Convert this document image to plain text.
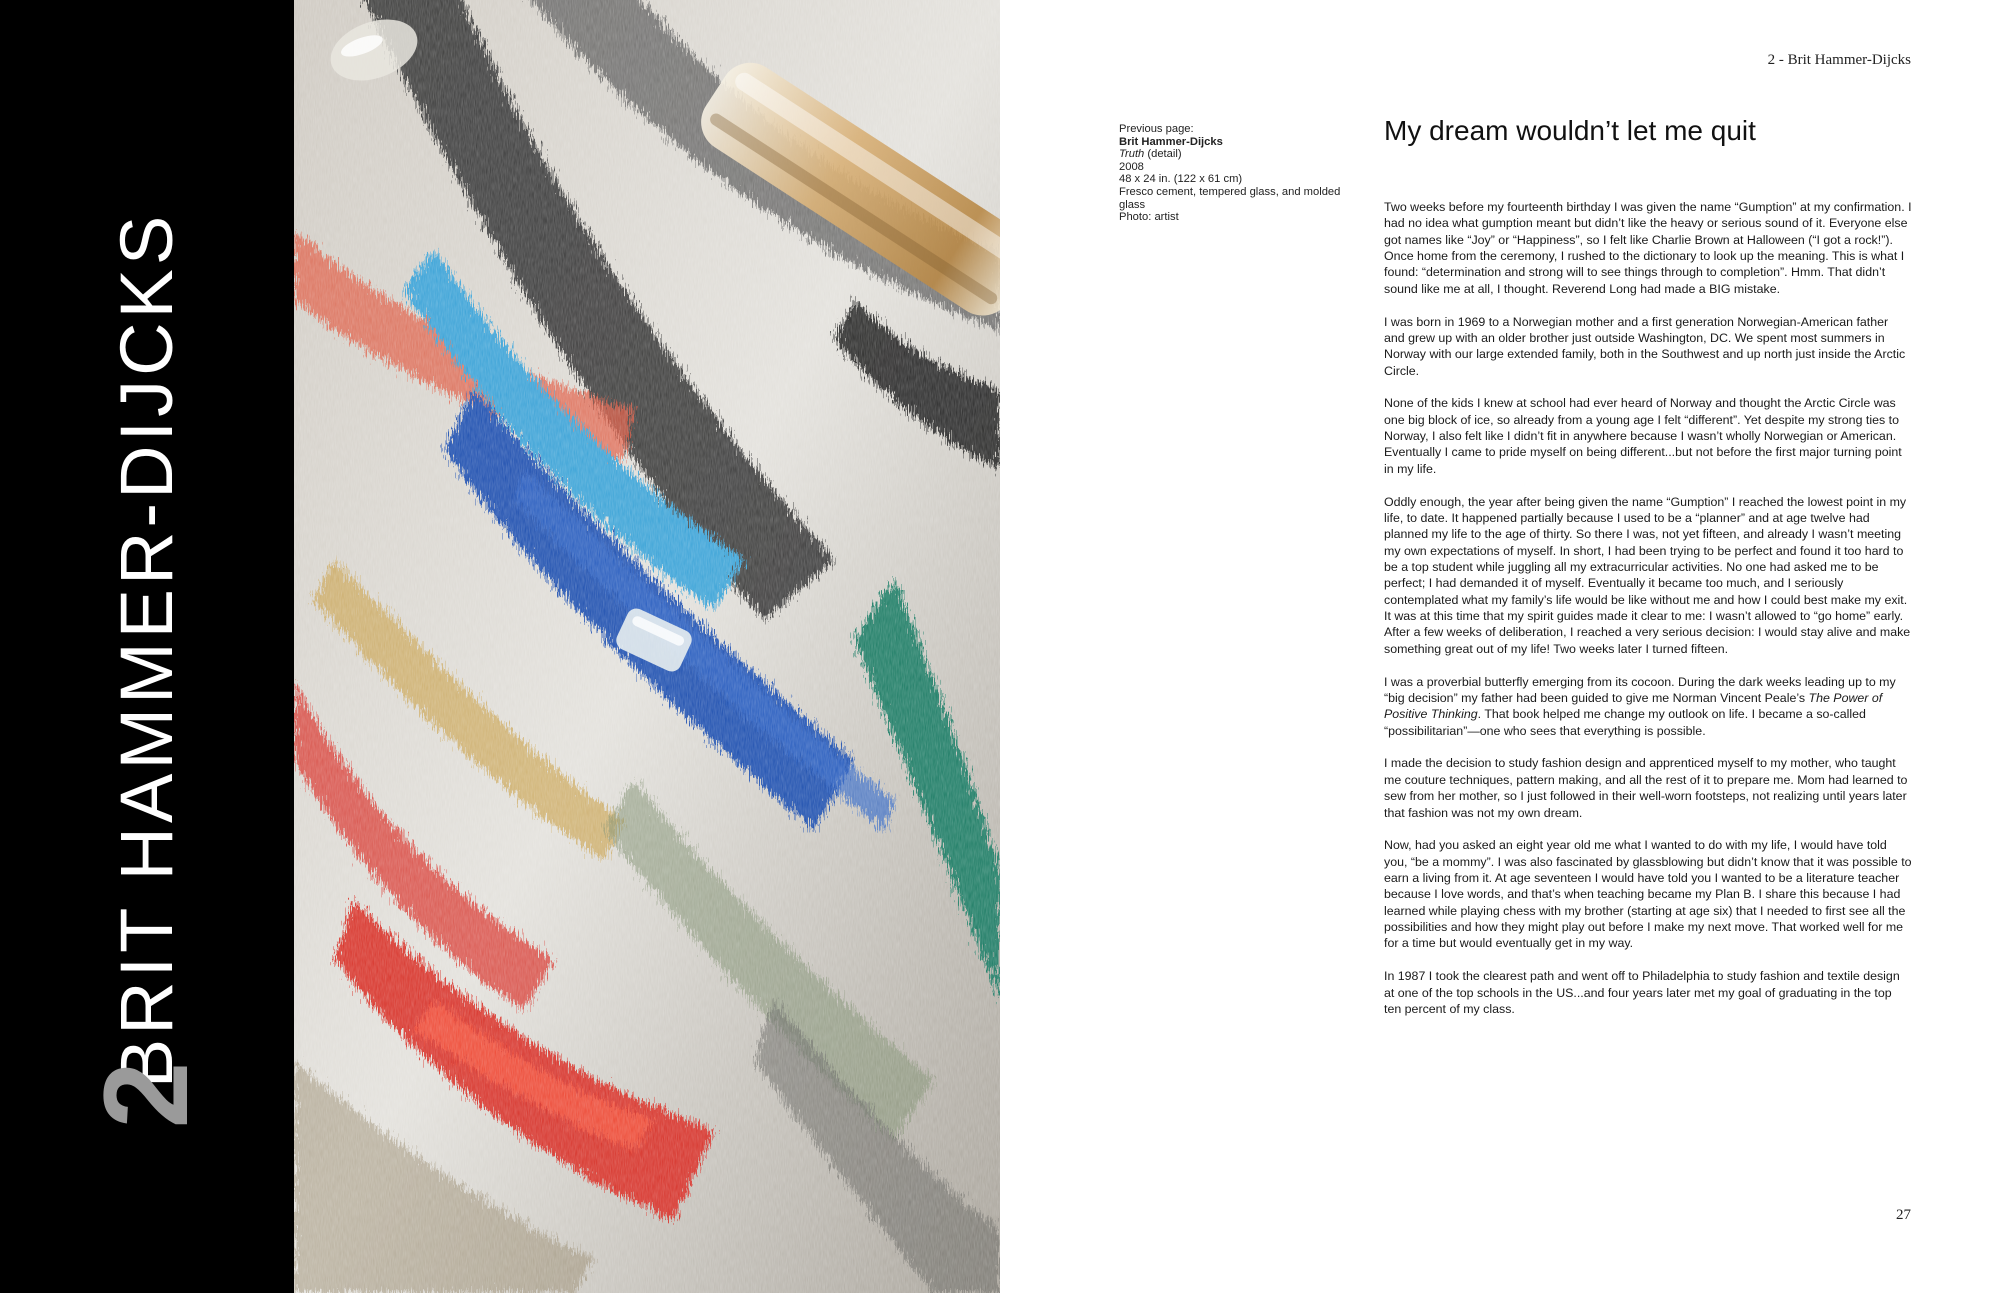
BRIT HAMMER-DIJCKS
2
2 - Brit Hammer-Dijcks
Previous page:
Brit Hammer-Dijcks
Truth (detail)
2008
48 x 24 in. (122 x 61 cm)
Fresco cement, tempered glass, and molded glass
Photo: artist
My dream wouldn’t let me quit

Two weeks before my fourteenth birthday I was given the name “Gumption” at my confirmation. I had no idea what gumption meant but didn’t like the heavy or serious sound of it. Everyone else got names like “Joy” or “Happiness”, so I felt like Charlie Brown at Halloween (“I got a rock!”). Once home from the ceremony, I rushed to the dictionary to look up the meaning. This is what I found: “determination and strong will to see things through to completion”. Hmm. That didn’t sound like me at all, I thought. Reverend Long had made a BIG mistake.

I was born in 1969 to a Norwegian mother and a first generation Norwegian-American father and grew up with an older brother just outside Washington, DC. We spent most summers in Norway with our large extended family, both in the Southwest and up north just inside the Arctic Circle.

None of the kids I knew at school had ever heard of Norway and thought the Arctic Circle was one big block of ice, so already from a young age I felt “different”. Yet despite my strong ties to Norway, I also felt like I didn’t fit in anywhere because I wasn’t wholly Norwegian or American. Eventually I came to pride myself on being different...but not before the first major turning point in my life.

Oddly enough, the year after being given the name “Gumption” I reached the lowest point in my life, to date. It happened partially because I used to be a “planner” and at age twelve had planned my life to the age of thirty. So there I was, not yet fifteen, and already I wasn’t meeting my own expectations of myself. In short, I had been trying to be perfect and found it too hard to be a top student while juggling all my extracurricular activities. No one had asked me to be perfect; I had demanded it of myself. Eventually it became too much, and I seriously contemplated what my family’s life would be like without me and how I could best make my exit. It was at this time that my spirit guides made it clear to me: I wasn’t allowed to “go home” early. After a few weeks of deliberation, I reached a very serious decision: I would stay alive and make something great out of my life! Two weeks later I turned fifteen.

I was a proverbial butterfly emerging from its cocoon. During the dark weeks leading up to my “big decision” my father had been guided to give me Norman Vincent Peale’s The Power of Positive Thinking. That book helped me change my outlook on life. I became a so-called “possibilitarian”—one who sees that everything is possible.

I made the decision to study fashion design and apprenticed myself to my mother, who taught me couture techniques, pattern making, and all the rest of it to prepare me. Mom had learned to sew from her mother, so I just followed in their well-worn footsteps, not realizing until years later that fashion was not my own dream.

Now, had you asked an eight year old me what I wanted to do with my life, I would have told you, “be a mommy”. I was also fascinated by glassblowing but didn’t know that it was possible to earn a living from it. At age seventeen I would have told you I wanted to be a literature teacher because I love words, and that’s when teaching became my Plan B. I share this because I had learned while playing chess with my brother (starting at age six) that I needed to first see all the possibilities and how they might play out before I make my next move. That worked well for me for a time but would eventually get in my way.

In 1987 I took the clearest path and went off to Philadelphia to study fashion and textile design at one of the top schools in the US...and four years later met my goal of graduating in the top ten percent of my class.

27
